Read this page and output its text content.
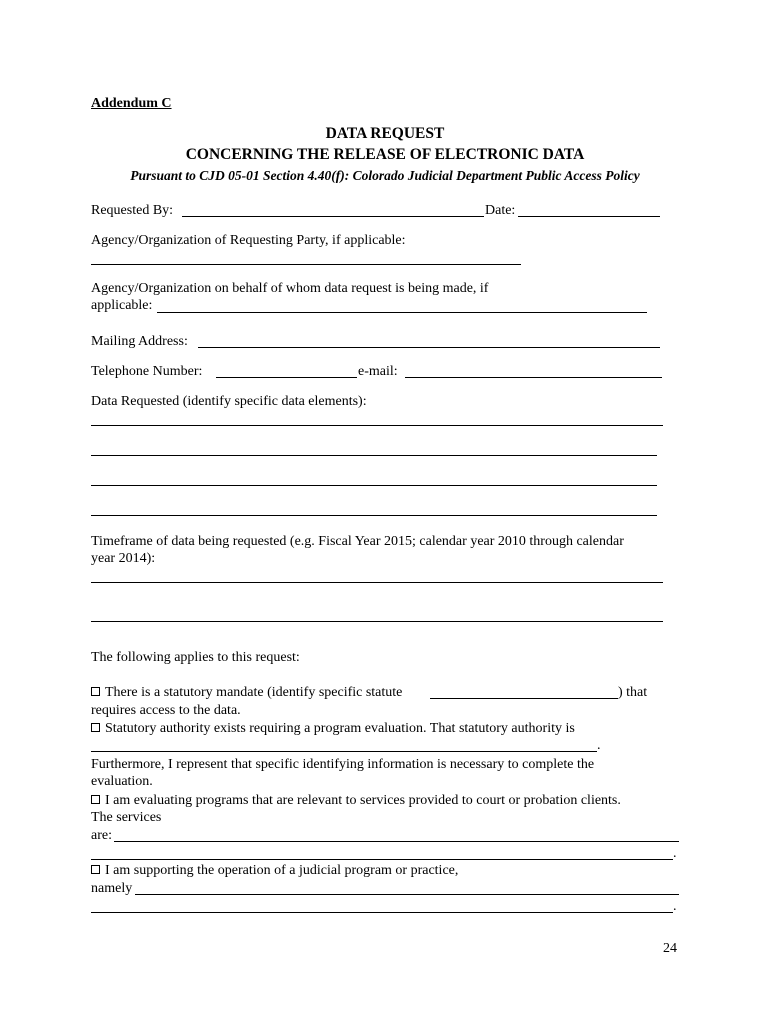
Addendum C
DATA REQUEST
CONCERNING THE RELEASE OF ELECTRONIC DATA
Pursuant to CJD 05-01 Section 4.40(f): Colorado Judicial Department Public Access Policy
Requested By:	Date:
Agency/Organization of Requesting Party, if applicable:
Agency/Organization on behalf of whom data request is being made, if
applicable:
Mailing Address:
Telephone Number:	e-mail:
Data Requested (identify specific data elements):
Timeframe of data being requested (e.g. Fiscal Year 2015; calendar year 2010 through calendar
year 2014):
The following applies to this request:
There is a statutory mandate (identify specific statute	) that
requires access to the data.
Statutory authority exists requiring a program evaluation. That statutory authority is
.
Furthermore, I represent that specific identifying information is necessary to complete the
evaluation.
I am evaluating programs that are relevant to services provided to court or probation clients.
The services
are:
.
I am supporting the operation of a judicial program or practice,
namely
.
24
